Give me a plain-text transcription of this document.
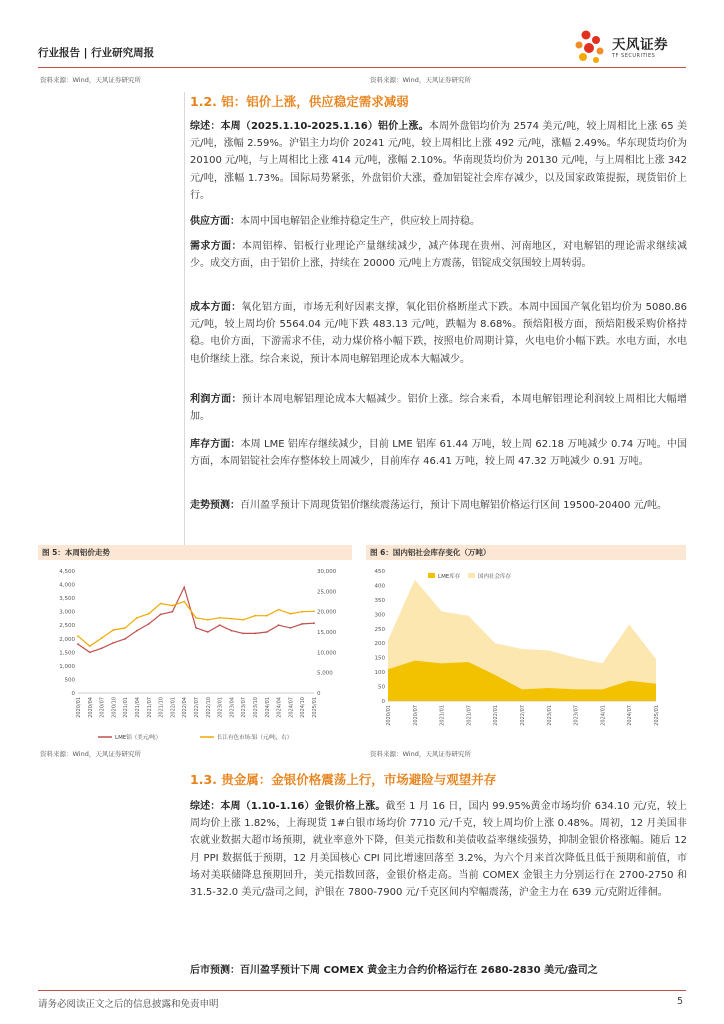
行业报告 | 行业研究周报	天风证券
TF SECURITIES
资料来源：Wind，天风证券研究所	资料来源：Wind，天风证券研究所
1.2. 铝：铝价上涨，供应稳定需求减弱

综述：本周（2025.1.10-2025.1.16）铝价上涨。本周外盘铝均价为 2574 美元/吨，较上周相比上涨 65 美元/吨，涨幅 2.59%。沪铝主力均价 20241 元/吨，较上周相比上涨 492 元/吨，涨幅 2.49%。华东现货均价为 20100 元/吨，与上周相比上涨 414 元/吨，涨幅 2.10%。华南现货均价为 20130 元/吨，与上周相比上涨 342 元/吨，涨幅 1.73%。国际局势紧张，外盘铝价大涨，叠加铝锭社会库存减少，以及国家政策提振，现货铝价上行。

供应方面：本周中国电解铝企业维持稳定生产，供应较上周持稳。

需求方面：本周铝棒、铝板行业理论产量继续减少，减产体现在贵州、河南地区，对电解铝的理论需求继续减少。成交方面，由于铝价上涨，持续在 20000 元/吨上方震荡，铝锭成交氛围较上周转弱。

成本方面：氧化铝方面，市场无利好因素支撑，氧化铝价格断崖式下跌。本周中国国产氧化铝均价为 5080.86 元/吨，较上周均价 5564.04 元/吨下跌 483.13 元/吨，跌幅为 8.68%。预焙阳极方面，预焙阳极采购价格持稳。电价方面，下游需求不佳，动力煤价格小幅下跌，按照电价周期计算，火电电价小幅下跌。水电方面，水电电价继续上涨。综合来说，预计本周电解铝理论成本大幅减少。

利润方面：预计本周电解铝理论成本大幅减少。铝价上涨。综合来看，本周电解铝理论利润较上周相比大幅增加。

库存方面：本周 LME 铝库存继续减少，目前 LME 铝库 61.44 万吨，较上周 62.18 万吨减少 0.74 万吨。中国方面，本周铝锭社会库存整体较上周减少，目前库存 46.41 万吨，较上周 47.32 万吨减少 0.91 万吨。

走势预测：百川盈孚预计下周现货铝价继续震荡运行，预计下周电解铝价格运行区间 19500-20400 元/吨。

图 5：本周铝价走势	图 6：国内铝社会库存变化（万吨）
0
500
1,000
1,500
2,000
2,500
3,000
3,500
4,000
4,500
0
5,000
10,000
15,000
20,000
25,000
30,000
2020/01 2020/04 2020/07 2020/10 2021/01 2021/04 2021/07 2021/10 2022/01 2022/04 2022/07 2022/10 2023/01 2023/04 2023/07 2023/10 2024/01 2024/04 2024/07 2024/10 2025/01
LME铝（美元/吨）	长江有色市场:铝（元/吨，右）
0
50
100
150
200
250
300
350
400
450
2020/01	2020/07	2021/01	2021/07	2022/01	2022/07	2023/01	2023/07	2024/01	2024/07	2025/01
LME库存	国内社会库存
资料来源：Wind，天风证券研究所	资料来源：Wind，天风证券研究所
1.3. 贵金属：金银价格震荡上行，市场避险与观望并存

综述：本周（1.10-1.16）金银价格上涨。截至 1 月 16 日，国内 99.95%黄金市场均价 634.10 元/克，较上周均价上涨 1.82%，上海现货 1#白银市场均价 7710 元/千克，较上周均价上涨 0.48%。周初，12 月美国非农就业数据大超市场预期，就业率意外下降，但美元指数和美债收益率继续强势，抑制金银价格涨幅。随后 12 月 PPI 数据低于预期，12 月美国核心 CPI 同比增速回落至 3.2%，为六个月来首次降低且低于预期和前值，市场对美联储降息预期回升，美元指数回落，金银价格走高。当前 COMEX 金银主力分别运行在 2700-2750 和 31.5-32.0 美元/盎司之间，沪银在 7800-7900 元/千克区间内窄幅震荡，沪金主力在 639 元/克附近徘徊。

后市预测：百川盈孚预计下周 COMEX 黄金主力合约价格运行在 2680-2830 美元/盎司之

请务必阅读正文之后的信息披露和免责申明	5
